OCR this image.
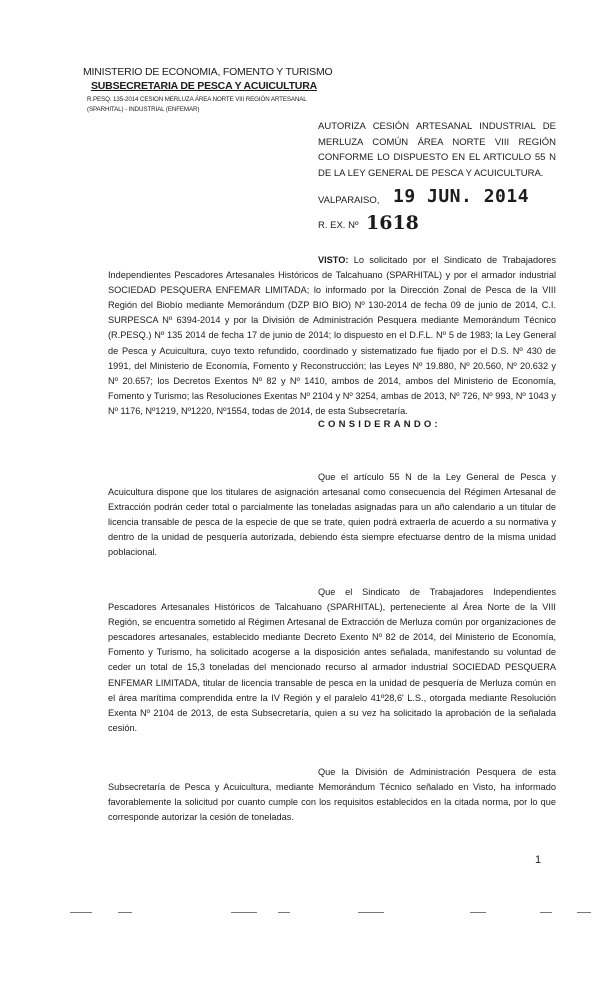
MINISTERIO DE ECONOMIA, FOMENTO Y TURISMO
SUBSECRETARIA DE PESCA Y ACUICULTURA
R.PESQ. 135-2014 CESION MERLUZA ÁREA NORTE VIII REGIÓN ARTESANAL (SPARHITAL) - INDUSTRIAL (ENFEMAR)
AUTORIZA CESIÓN ARTESANAL INDUSTRIAL DE MERLUZA COMÚN ÁREA NORTE VIII REGIÓN CONFORME LO DISPUESTO EN EL ARTICULO 55 N DE LA LEY GENERAL DE PESCA Y ACUICULTURA.
VALPARAISO, 19 JUN. 2014
R. EX. Nº 1618
VISTO: Lo solicitado por el Sindicato de Trabajadores Independientes Pescadores Artesanales Históricos de Talcahuano (SPARHITAL) y por el armador industrial SOCIEDAD PESQUERA ENFEMAR LIMITADA; lo informado por la Dirección Zonal de Pesca de la VIII Región del Biobío mediante Memorándum (DZP BIO BIO) Nº 130-2014 de fecha 09 de junio de 2014, C.I. SURPESCA Nº 6394-2014 y por la División de Administración Pesquera mediante Memorándum Técnico (R.PESQ.) Nº 135 2014 de fecha 17 de junio de 2014; lo dispuesto en el D.F.L. Nº 5 de 1983; la Ley General de Pesca y Acuicultura, cuyo texto refundido, coordinado y sistematizado fue fijado por el D.S. Nº 430 de 1991, del Ministerio de Economía, Fomento y Reconstrucción; las Leyes Nº 19.880, Nº 20.560, Nº 20.632 y Nº 20.657; los Decretos Exentos Nº 82 y Nº 1410, ambos de 2014, ambos del Ministerio de Economía, Fomento y Turismo; las Resoluciones Exentas Nº 2104 y Nº 3254, ambas de 2013, Nº 726, Nº 993, Nº 1043 y Nº 1176, Nº1219, Nº1220, Nº1554, todas de 2014, de esta Subsecretaría.
CONSIDERANDO:
Que el artículo 55 N de la Ley General de Pesca y Acuicultura dispone que los titulares de asignación artesanal como consecuencia del Régimen Artesanal de Extracción podrán ceder total o parcialmente las toneladas asignadas para un año calendario a un titular de licencia transable de pesca de la especie de que se trate, quien podrá extraerla de acuerdo a su normativa y dentro de la unidad de pesquería autorizada, debiendo ésta siempre efectuarse dentro de la misma unidad poblacional.
Que el Sindicato de Trabajadores Independientes Pescadores Artesanales Históricos de Talcahuano (SPARHITAL), perteneciente al Área Norte de la VIII Región, se encuentra sometido al Régimen Artesanal de Extracción de Merluza común por organizaciones de pescadores artesanales, establecido mediante Decreto Exento Nº 82 de 2014, del Ministerio de Economía, Fomento y Turismo, ha solicitado acogerse a la disposición antes señalada, manifestando su voluntad de ceder un total de 15,3 toneladas del mencionado recurso al armador industrial SOCIEDAD PESQUERA ENFEMAR LIMITADA, titular de licencia transable de pesca en la unidad de pesquería de Merluza común en el área marítima comprendida entre la IV Región y el paralelo 41º28,6' L.S., otorgada mediante Resolución Exenta Nº 2104 de 2013, de esta Subsecretaría, quien a su vez ha solicitado la aprobación de la señalada cesión.
Que la División de Administración Pesquera de esta Subsecretaría de Pesca y Acuicultura, mediante Memorándum Técnico señalado en Visto, ha informado favorablemente la solicitud por cuanto cumple con los requisitos establecidos en la citada norma, por lo que corresponde autorizar la cesión de toneladas.
1
